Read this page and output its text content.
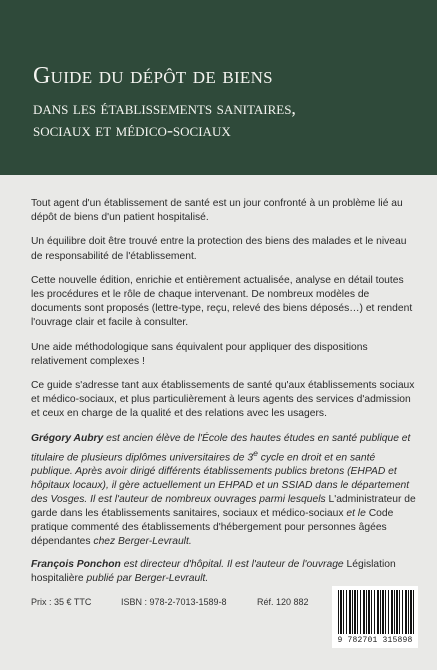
Guide du dépôt de biens
dans les établissements sanitaires,
sociaux et médico-sociaux

Tout agent d'un établissement de santé est un jour confronté à un problème lié au dépôt de biens d'un patient hospitalisé.

Un équilibre doit être trouvé entre la protection des biens des malades et le niveau de responsabilité de l'établissement.

Cette nouvelle édition, enrichie et entièrement actualisée, analyse en détail toutes les procédures et le rôle de chaque intervenant. De nombreux modèles de documents sont proposés (lettre-type, reçu, relevé des biens déposés…) et rendent l'ouvrage clair et facile à consulter.

Une aide méthodologique sans équivalent pour appliquer des dispositions relativement complexes !

Ce guide s'adresse tant aux établissements de santé qu'aux établissements sociaux et médico-sociaux, et plus particulièrement à leurs agents des services d'admission et ceux en charge de la qualité et des relations avec les usagers.

Grégory Aubry est ancien élève de l'École des hautes études en santé publique et titulaire de plusieurs diplômes universitaires de 3e cycle en droit et en santé publique. Après avoir dirigé différents établissements publics bretons (EHPAD et hôpitaux locaux), il gère actuellement un EHPAD et un SSIAD dans le département des Vosges. Il est l'auteur de nombreux ouvrages parmi lesquels L'administrateur de garde dans les établissements sanitaires, sociaux et médico-sociaux et le Code pratique commenté des établissements d'hébergement pour personnes âgées dépendantes chez Berger-Levrault.

François Ponchon est directeur d'hôpital. Il est l'auteur de l'ouvrage Législation hospitalière publié par Berger-Levrault.

Prix : 35 € TTC	ISBN : 978-2-7013-1589-8	Réf. 120 882
9 782701 315898
